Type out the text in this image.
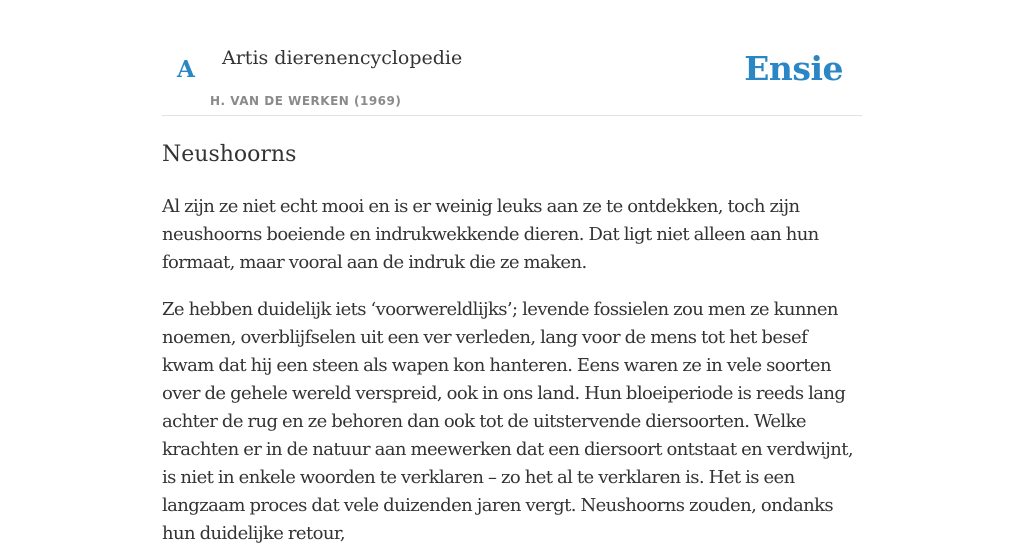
A Artis dierenencyclopedie
H. VAN DE WERKEN (1969)
Ensie
Neushoorns

Al zijn ze niet echt mooi en is er weinig leuks aan ze te ontdekken, toch zijn neushoorns boeiende en indrukwekkende dieren. Dat ligt niet alleen aan hun formaat, maar vooral aan de indruk die ze maken.

Ze hebben duidelijk iets ‘voorwereldlijks’; levende fossielen zou men ze kunnen noemen, overblijfselen uit een ver verleden, lang voor de mens tot het besef kwam dat hij een steen als wapen kon hanteren. Eens waren ze in vele soorten over de gehele wereld verspreid, ook in ons land. Hun bloeiperiode is reeds lang achter de rug en ze behoren dan ook tot de uitstervende diersoorten. Welke krachten er in de natuur aan meewerken dat een diersoort ontstaat en verdwijnt, is niet in enkele woorden te verklaren – zo het al te verklaren is. Het is een langzaam proces dat vele duizenden jaren vergt. Neushoorns zouden, ondanks hun duidelijke retour,
